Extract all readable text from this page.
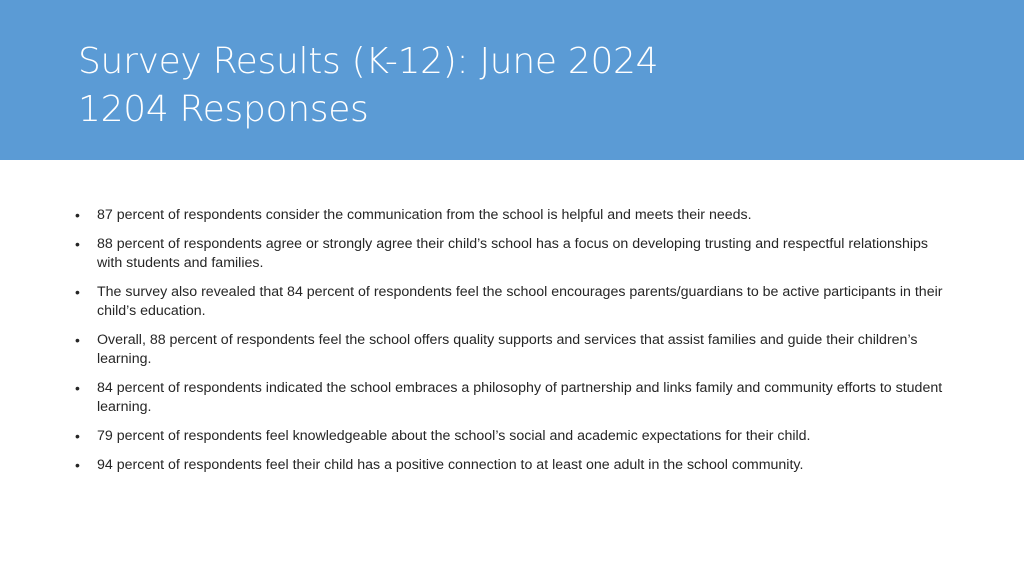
Survey Results (K-12): June 2024
1204 Responses
• 87 percent of respondents consider the communication from the school is helpful and meets their needs.
• 88 percent of respondents agree or strongly agree their child’s school has a focus on developing trusting and respectful relationships with students and families.
• The survey also revealed that 84 percent of respondents feel the school encourages parents/guardians to be active participants in their child’s education.
• Overall, 88 percent of respondents feel the school offers quality supports and services that assist families and guide their children’s learning.
• 84 percent of respondents indicated the school embraces a philosophy of partnership and links family and community efforts to student learning.
• 79 percent of respondents feel knowledgeable about the school’s social and academic expectations for their child.
• 94 percent of respondents feel their child has a positive connection to at least one adult in the school community.
